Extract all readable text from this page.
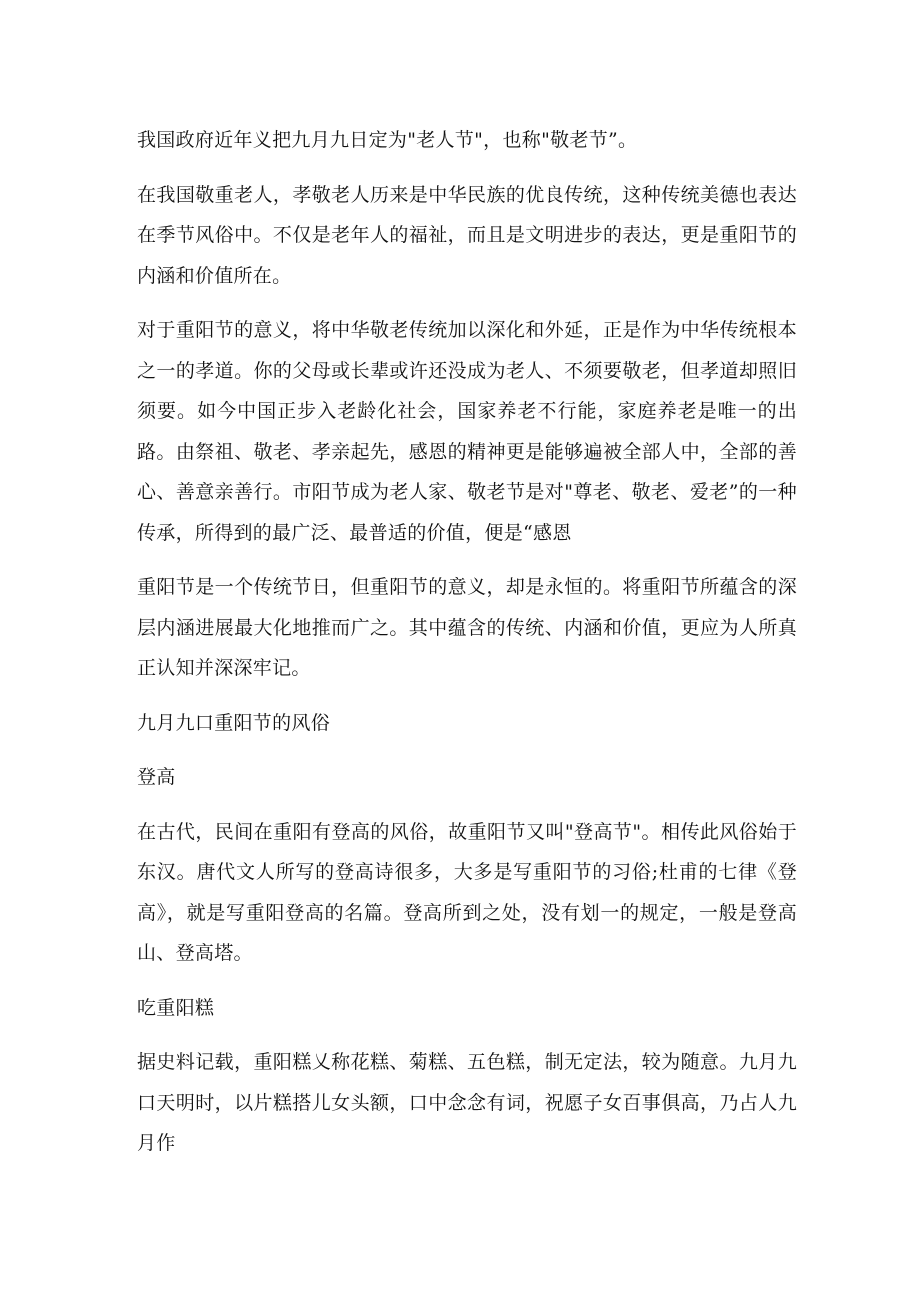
我国政府近年义把九月九日定为"老人节"，也称"敬老节”。

在我国敬重老人，孝敬老人历来是中华民族的优良传统，这种传统美德也表达在季节风俗中。不仅是老年人的福祉，而且是文明进步的表达，更是重阳节的内涵和价值所在。

对于重阳节的意义，将中华敬老传统加以深化和外延，正是作为中华传统根本之一的孝道。你的父母或长辈或许还没成为老人、不须要敬老，但孝道却照旧须要。如今中国正步入老龄化社会，国家养老不行能，家庭养老是唯一的出路。由祭祖、敬老、孝亲起先，感恩的精神更是能够遍被全部人中，全部的善心、善意亲善行。市阳节成为老人家、敬老节是对"尊老、敬老、爱老”的一种传承，所得到的最广泛、最普适的价值，便是“感恩

重阳节是一个传统节日，但重阳节的意义，却是永恒的。将重阳节所蕴含的深层内涵进展最大化地推而广之。其中蕴含的传统、内涵和价值，更应为人所真正认知并深深牢记。

九月九口重阳节的风俗

登高

在古代，民间在重阳有登高的风俗，故重阳节又叫"登高节"。相传此风俗始于东汉。唐代文人所写的登高诗很多，大多是写重阳节的习俗;杜甫的七律《登高》，就是写重阳登高的名篇。登高所到之处，没有划一的规定，一般是登高山、登高塔。

吃重阳糕

据史料记载，重阳糕乂称花糕、菊糕、五色糕，制无定法，较为随意。九月九口天明时，以片糕搭儿女头额，口中念念有词，祝愿子女百事俱高，乃占人九月作
